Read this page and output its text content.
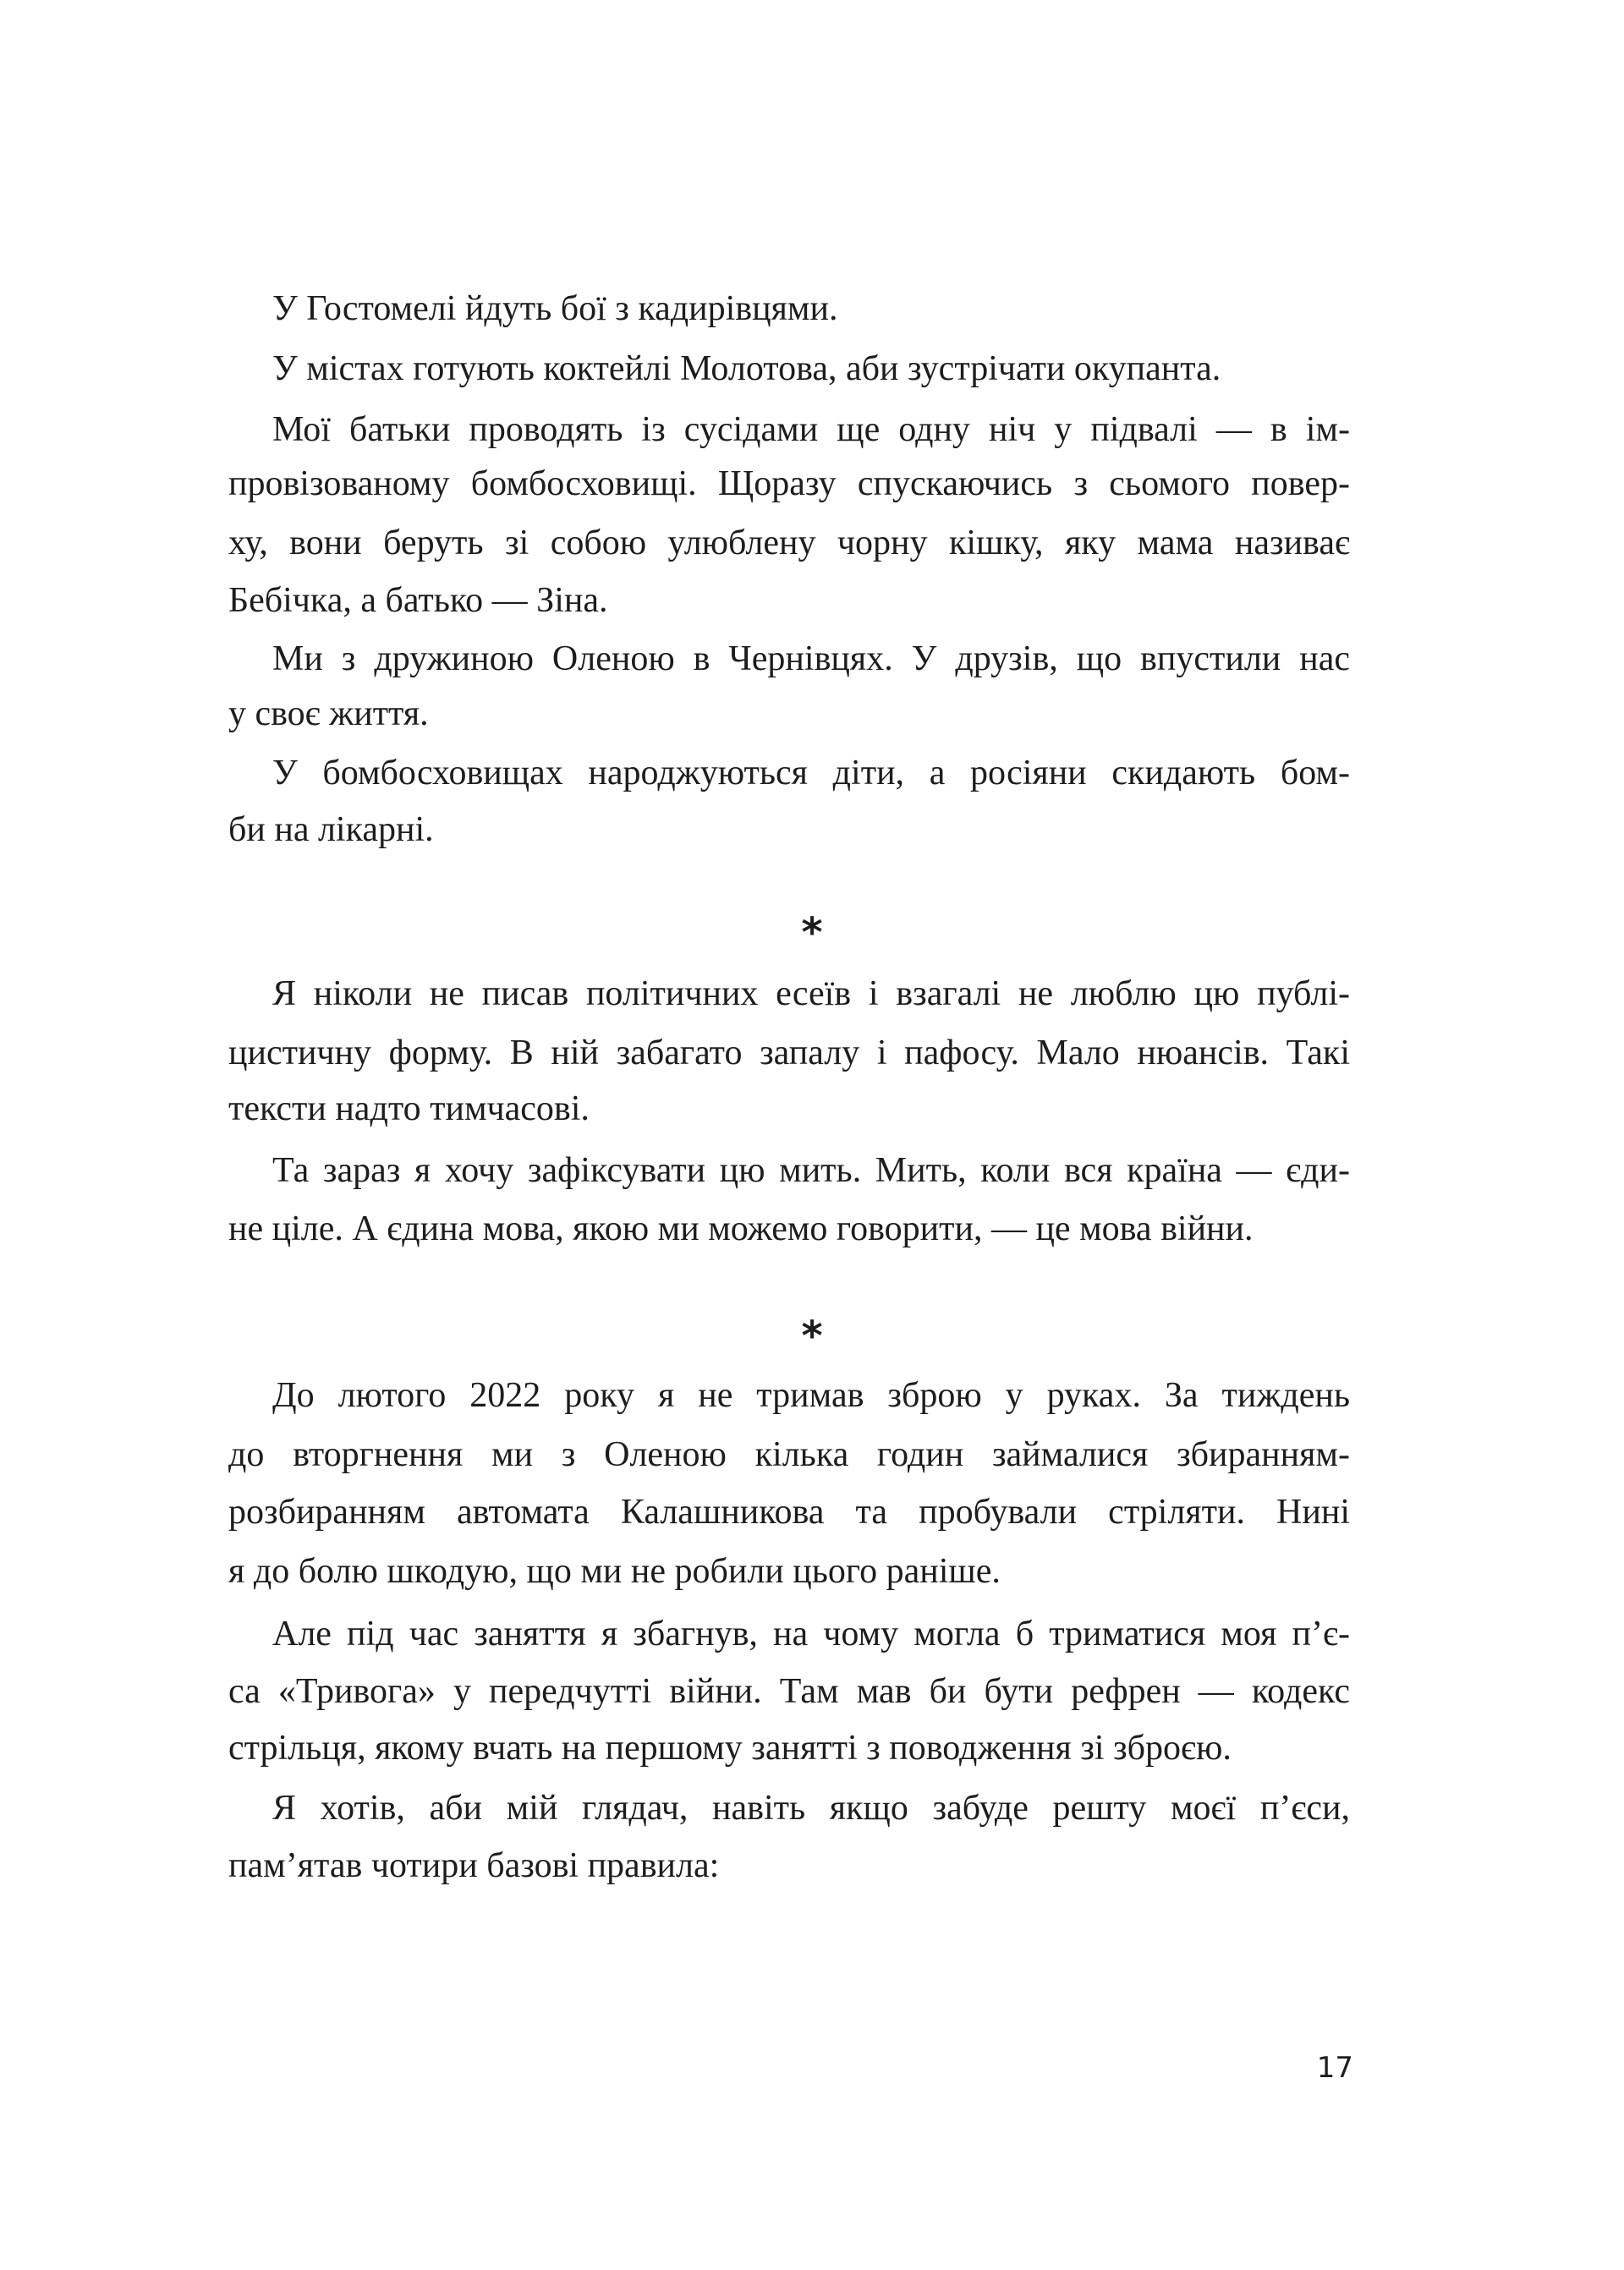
17
У Гостомелі йдуть бої з кадирівцями.
У містах готують коктейлі Молотова, аби зустрічати окупанта.
Мої батьки проводять із сусідами ще одну ніч у підвалі — в ім-
провізованому бомбосховищі. Щоразу спускаючись з сьомого повер-
ху, вони беруть зі собою улюблену чорну кішку, яку мама називає
Бебічка, а батько — Зіна.
Ми з дружиною Оленою в Чернівцях. У друзів, що впустили нас
у своє життя.
У бомбосховищах народжуються діти, а росіяни скидають бом-
би на лікарні.
*
Я ніколи не писав політичних есеїв і взагалі не люблю цю публі-
цистичну форму. В ній забагато запалу і пафосу. Мало нюансів. Такі
тексти надто тимчасові.
Та зараз я хочу зафіксувати цю мить. Мить, коли вся країна — єди-
не ціле. А єдина мова, якою ми можемо говорити, — це мова війни.
*
До лютого 2022 року я не тримав зброю у руках. За тиждень
до вторгнення ми з Оленою кілька годин займалися збиранням-
розбиранням автомата Калашникова та пробували стріляти. Нині
я до болю шкодую, що ми не робили цього раніше.
Але під час заняття я збагнув, на чому могла б триматися моя п’є-
са «Тривога» у передчутті війни. Там мав би бути рефрен — кодекс
стрільця, якому вчать на першому занятті з поводження зі зброєю.
Я хотів, аби мій глядач, навіть якщо забуде решту моєї п’єси,
пам’ятав чотири базові правила:
